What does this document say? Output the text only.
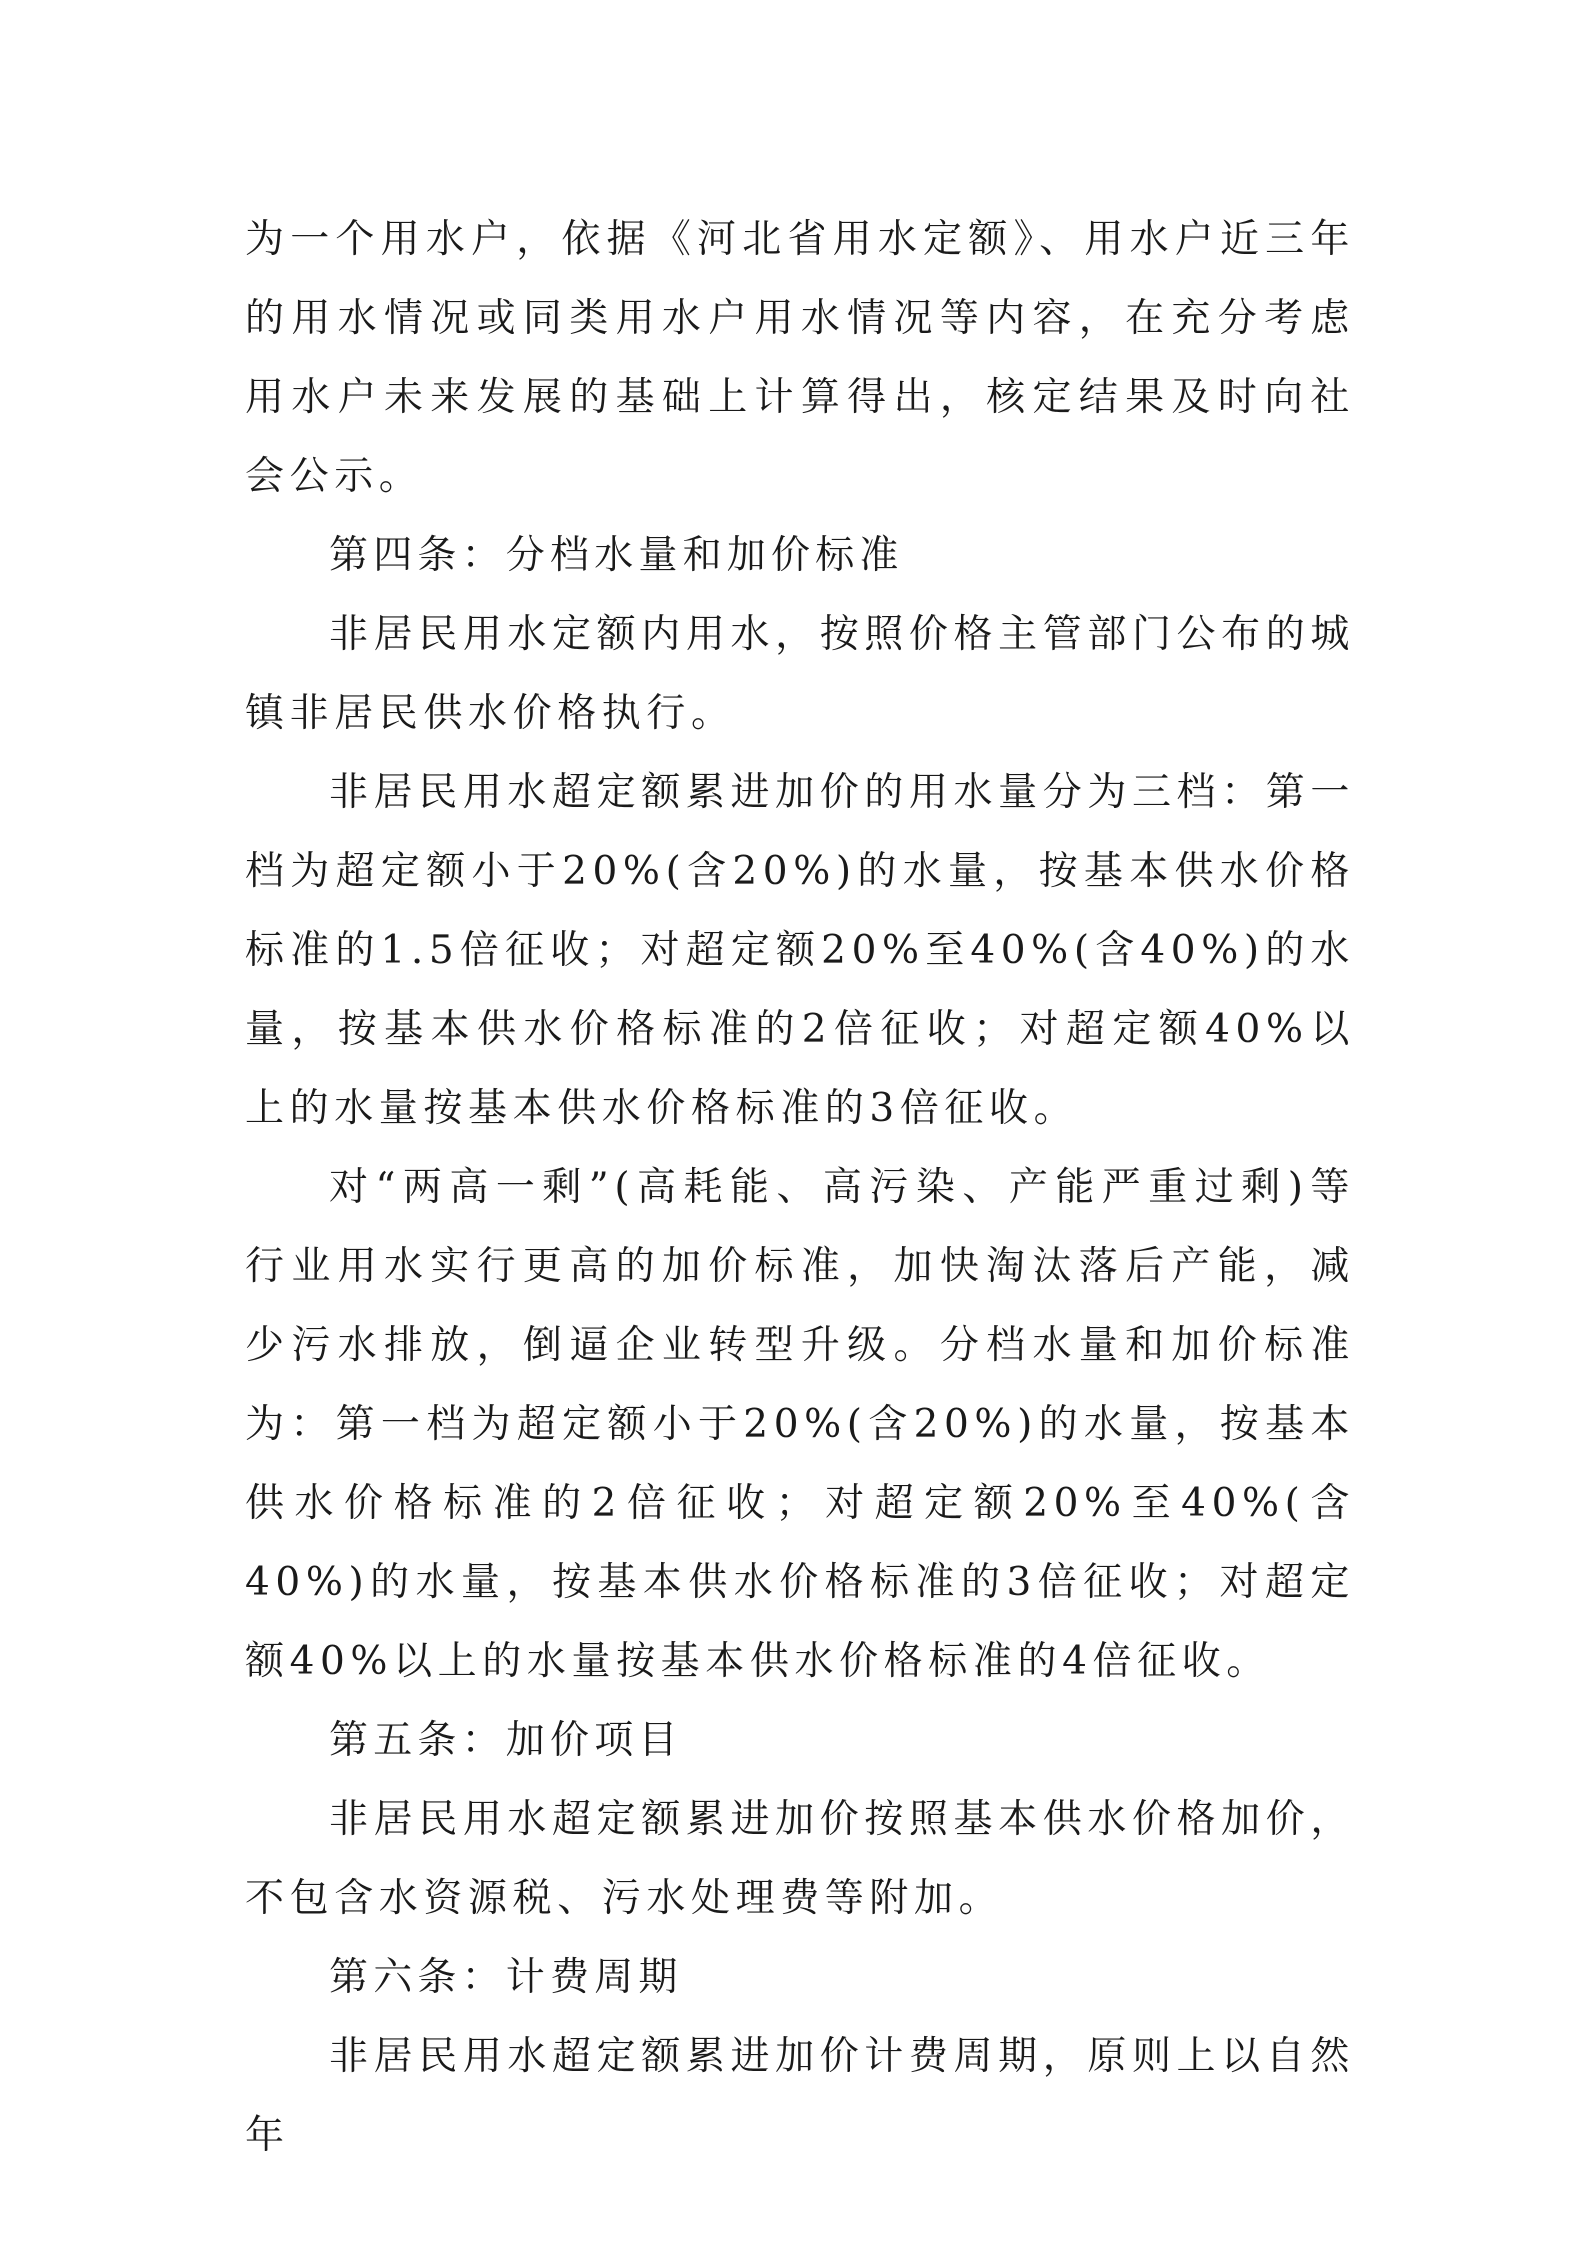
为一个用水户，依据《河北省用水定额》、用水户近三年的用水情况或同类用水户用水情况等内容，在充分考虑用水户未来发展的基础上计算得出，核定结果及时向社会公示。

第四条：分档水量和加价标准

非居民用水定额内用水，按照价格主管部门公布的城镇非居民供水价格执行。

非居民用水超定额累进加价的用水量分为三档：第一档为超定额小于20%(含20%)的水量，按基本供水价格标准的1.5倍征收；对超定额20%至40%(含40%)的水量，按基本供水价格标准的2倍征收；对超定额40%以上的水量按基本供水价格标准的3倍征收。

对“两高一剩”(高耗能、高污染、产能严重过剩)等行业用水实行更高的加价标准，加快淘汰落后产能，减少污水排放，倒逼企业转型升级。分档水量和加价标准为：第一档为超定额小于20%(含20%)的水量，按基本供水价格标准的2倍征收；对超定额20%至40%(含40%)的水量，按基本供水价格标准的3倍征收；对超定额40%以上的水量按基本供水价格标准的4倍征收。

第五条：加价项目

非居民用水超定额累进加价按照基本供水价格加价，不包含水资源税、污水处理费等附加。

第六条：计费周期

非居民用水超定额累进加价计费周期，原则上以自然年
